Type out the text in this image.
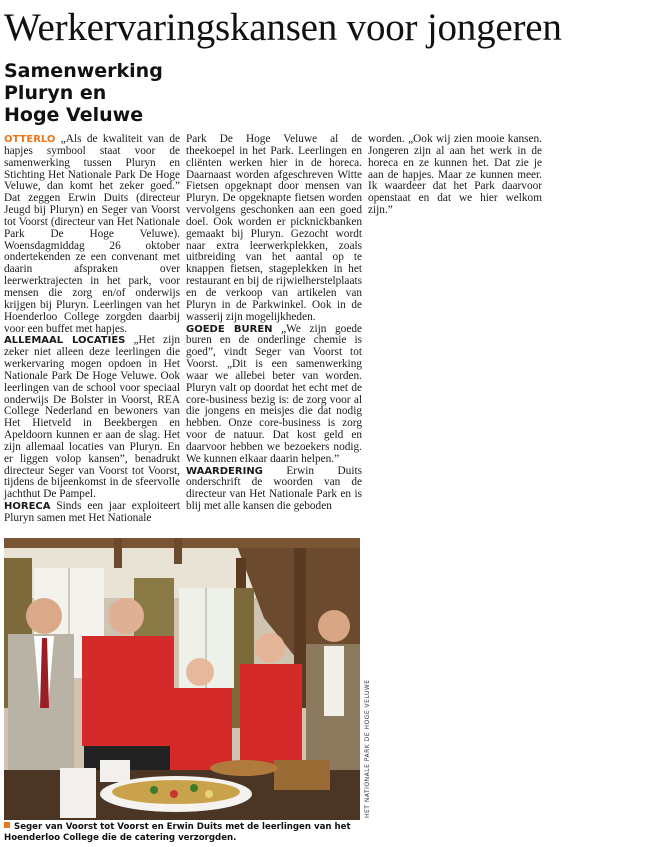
Werkervaringskansen voor jongeren
Samenwerking
Pluryn en
Hoge Veluwe

OTTERLO „Als de kwaliteit van de hapjes symbool staat voor de samenwerking tussen Pluryn en Stichting Het Nationale Park De Hoge Veluwe, dan komt het zeker goed.” Dat zeggen Erwin Duits (directeur Jeugd bij Pluryn) en Seger van Voorst tot Voorst (directeur van Het Nationale Park De Hoge Veluwe). Woensdagmiddag 26 oktober ondertekenden ze een convenant met daarin afspraken over leerwerktrajecten in het park, voor mensen die zorg en/of onderwijs krijgen bij Pluryn. Leerlingen van het Hoenderloo College zorgden daarbij voor een buffet met hapjes.

ALLEMAAL LOCATIES „Het zijn zeker niet alleen deze leerlingen die werkervaring mogen opdoen in Het Nationale Park De Hoge Veluwe. Ook leerlingen van de school voor speciaal onderwijs De Bolster in Voorst, REA College Nederland en bewoners van Het Hietveld in Beekbergen en Apeldoorn kunnen er aan de slag. Het zijn allemaal locaties van Pluryn. En er liggen volop kansen”, benadrukt directeur Seger van Voorst tot Voorst, tijdens de bijeenkomst in de sfeervolle jachthut De Pampel.

HORECA Sinds een jaar exploiteert Pluryn samen met Het Nationale

Park De Hoge Veluwe al de theekoepel in het Park. Leerlingen en cliënten werken hier in de horeca. Daarnaast worden afgeschreven Witte Fietsen opgeknapt door mensen van Pluryn. De opgeknapte fietsen worden vervolgens geschonken aan een goed doel. Ook worden er picknickbanken gemaakt bij Pluryn. Gezocht wordt naar extra leerwerkplekken, zoals uitbreiding van het aantal op te knappen fietsen, stageplekken in het restaurant en bij de rijwielherstelplaats en de verkoop van artikelen van Pluryn in de Parkwinkel. Ook in de wasserij zijn mogelijkheden.

GOEDE BUREN „We zijn goede buren en de onderlinge chemie is goed”, vindt Seger van Voorst tot Voorst. „Dit is een samenwerking waar we allebei beter van worden. Pluryn valt op doordat het echt met de core-business bezig is: de zorg voor al die jongens en meisjes die dat nodig hebben. Onze core-business is zorg voor de natuur. Dat kost geld en daarvoor hebben we bezoekers nodig. We kunnen elkaar daarin helpen.”

WAARDERING Erwin Duits onderschrift de woorden van de directeur van Het Nationale Park en is blij met alle kansen die geboden

worden. „Ook wij zien mooie kansen. Jongeren zijn al aan het werk in de horeca en ze kunnen het. Dat zie je aan de hapjes. Maar ze kunnen meer. Ik waardeer dat het Park daarvoor openstaat en dat we hier welkom zijn.”

HET NATIONALE PARK DE HOGE VELUWE
Seger van Voorst tot Voorst en Erwin Duits met de leerlingen van het Hoenderloo College die de catering verzorgden.
